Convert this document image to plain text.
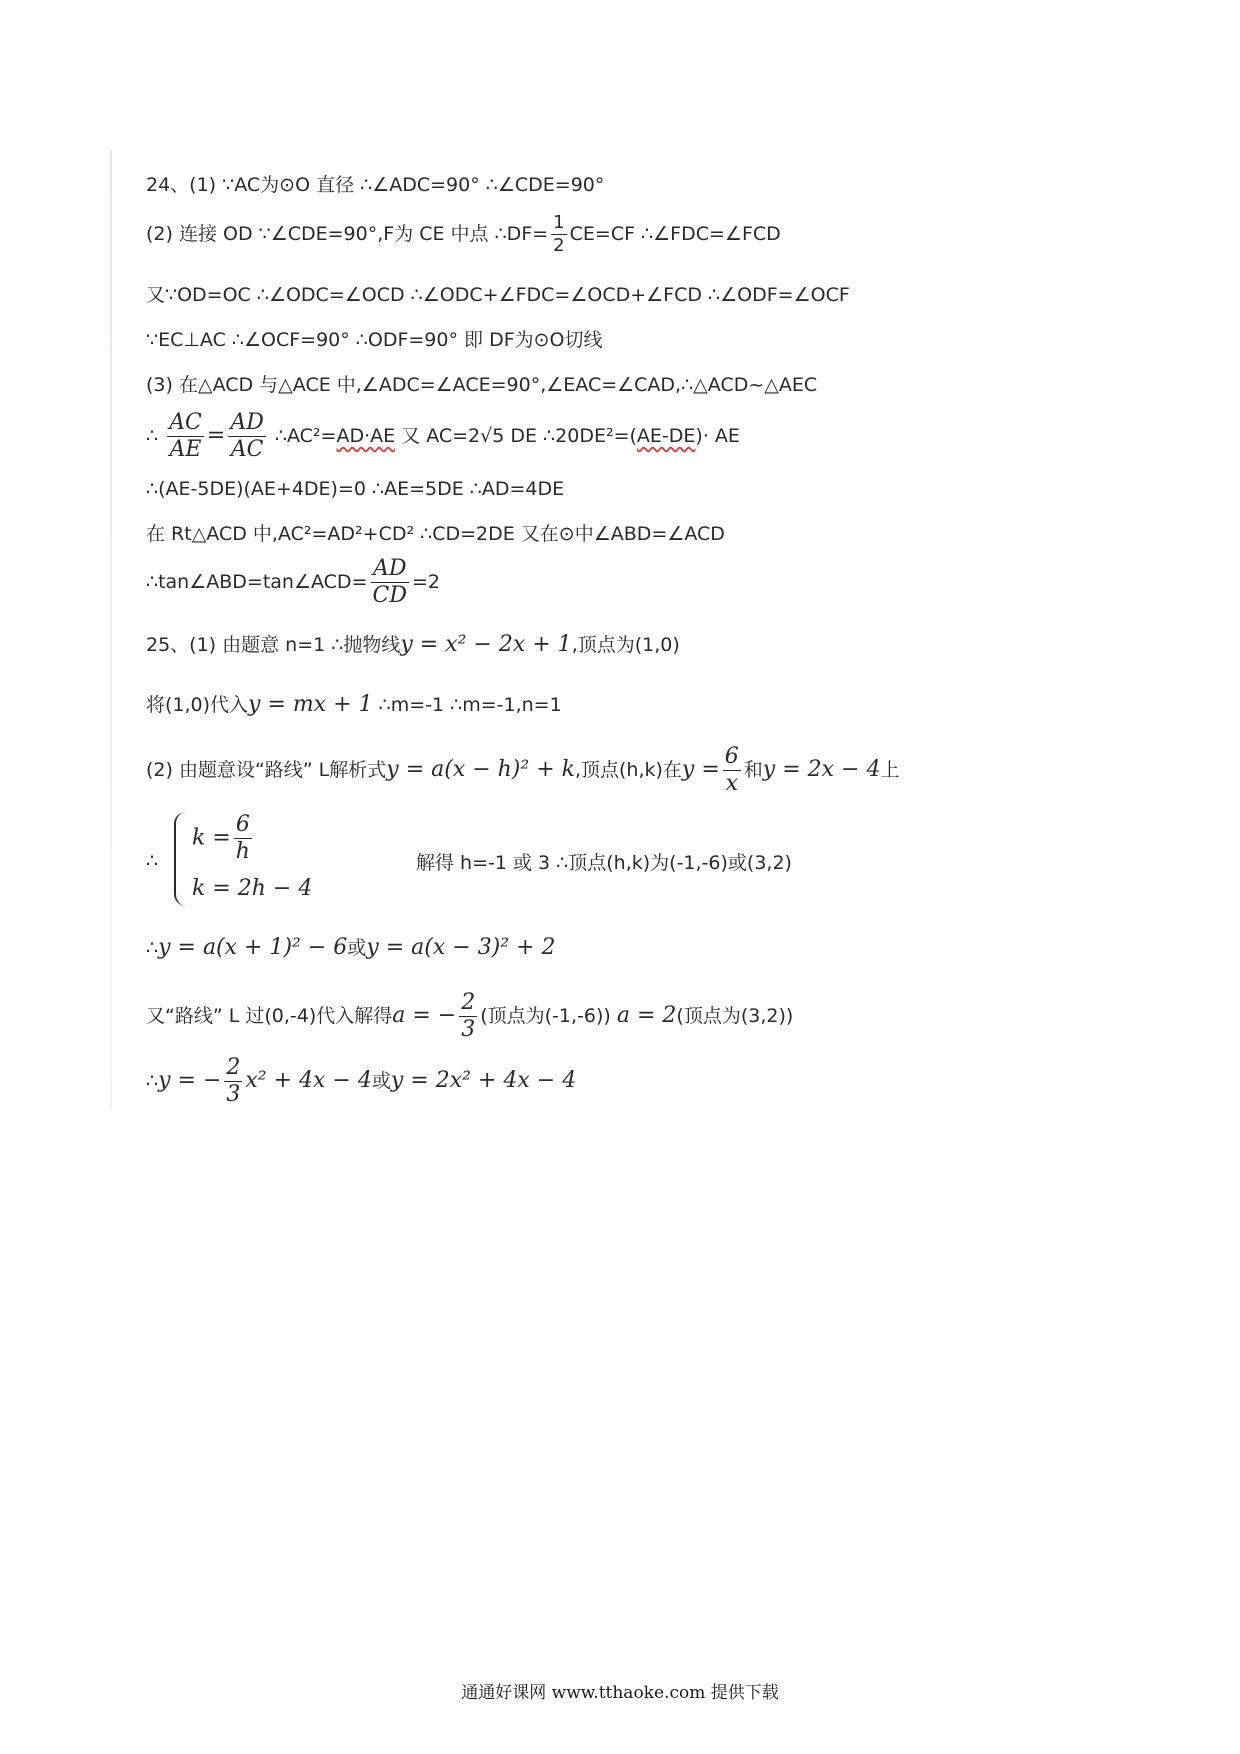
24、(1) ∵AC为⊙O 直径 ∴∠ADC=90° ∴∠CDE=90°
(2) 连接 OD ∵∠CDE=90°,F为 CE 中点 ∴DF= $\frac{1}{2} CE=CF$ ∴∠FDC=∠FCD
又∵OD=OC ∴∠ODC=∠OCD ∴∠ODC+∠FDC=∠OCD+∠FCD ∴∠ODF=∠OCF
∵EC⊥AC ∴∠OCF=90° ∴ODF=90° 即 DF为⊙O切线
(3) 在△ACD 与△ACE 中,∠ADC=∠ACE=90°,∠EAC=∠CAD,∴△ACD~△AEC
∴ $\frac{AC}{AE} = \frac{AD}{AC}$ ∴AC²=AD·AE 又 AC=2√5 DE ∴20DE²=(AE-DE)· AE
∴(AE-5DE)(AE+4DE)=0 ∴AE=5DE ∴AD=4DE
在 Rt△ACD 中,AC²=AD²+CD² ∴CD=2DE 又在⊙中∠ABD=∠ACD
∴tan∠ABD=tan∠ACD= $\frac{AD}{CD} =2$
25、(1) 由题意 n=1 ∴抛物线y = x² − 2x + 1,顶点为(1,0)
将(1,0)代入y = mx + 1 ∴m=-1 ∴m=-1,n=1
(2) 由题意设“路线” L解析式y = a(x − h)² + k,顶点(h,k)在$y = \frac{6}{x}$ 和y = 2x − 4上
∴
$k = \frac{6}{h}$
k = 2h − 4
解得 h=-1 或 3 ∴顶点(h,k)为(-1,-6)或(3,2)
∴y = a(x + 1)² − 6或y = a(x − 3)² + 2
又“路线” L 过(0,-4)代入解得a = − $\frac{2}{3}$ (顶点为(-1,-6)) a = 2(顶点为(3,2))
∴y = − $\frac{2}{3} x^2 + 4x - 4$或y = 2x² + 4x − 4
通通好课网 www.tthaoke.com 提供下载
